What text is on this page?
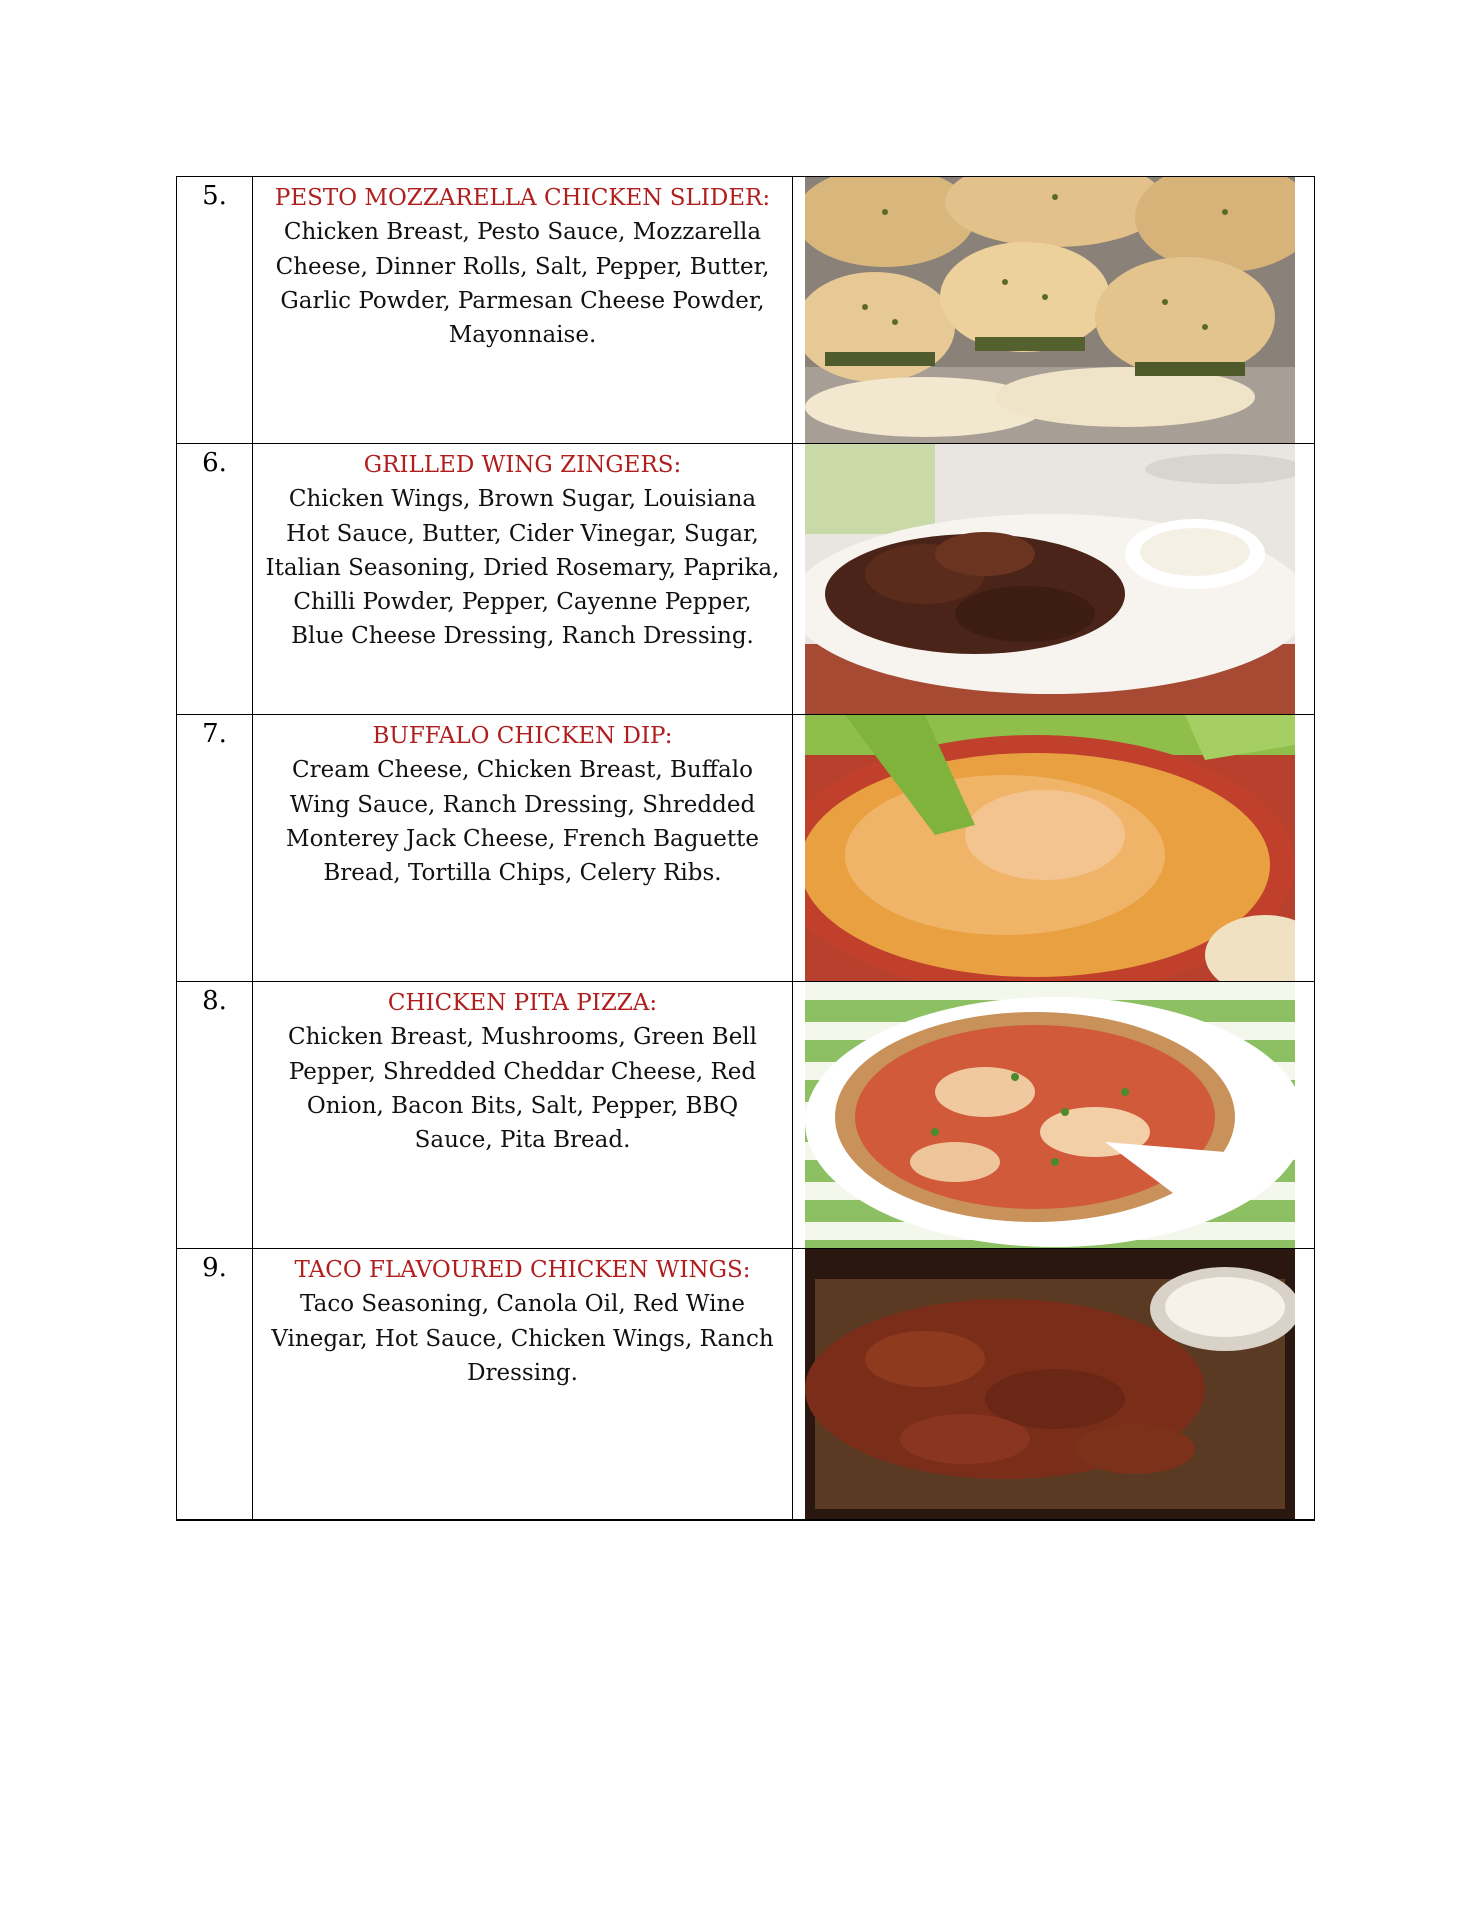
5.	PESTO MOZZARELLA CHICKEN SLIDER:
Chicken Breast, Pesto Sauce, Mozzarella Cheese, Dinner Rolls, Salt, Pepper, Butter, Garlic Powder, Parmesan Cheese Powder, Mayonnaise.

6.	GRILLED WING ZINGERS:
Chicken Wings, Brown Sugar, Louisiana Hot Sauce, Butter, Cider Vinegar, Sugar, Italian Seasoning, Dried Rosemary, Paprika, Chilli Powder, Pepper, Cayenne Pepper, Blue Cheese Dressing, Ranch Dressing.

7.	BUFFALO CHICKEN DIP:
Cream Cheese, Chicken Breast, Buffalo Wing Sauce, Ranch Dressing, Shredded Monterey Jack Cheese, French Baguette Bread, Tortilla Chips, Celery Ribs.

8.	CHICKEN PITA PIZZA:
Chicken Breast, Mushrooms, Green Bell Pepper, Shredded Cheddar Cheese, Red Onion, Bacon Bits, Salt, Pepper, BBQ Sauce, Pita Bread.

9.	TACO FLAVOURED CHICKEN WINGS:
Taco Seasoning, Canola Oil, Red Wine Vinegar, Hot Sauce, Chicken Wings, Ranch Dressing.
